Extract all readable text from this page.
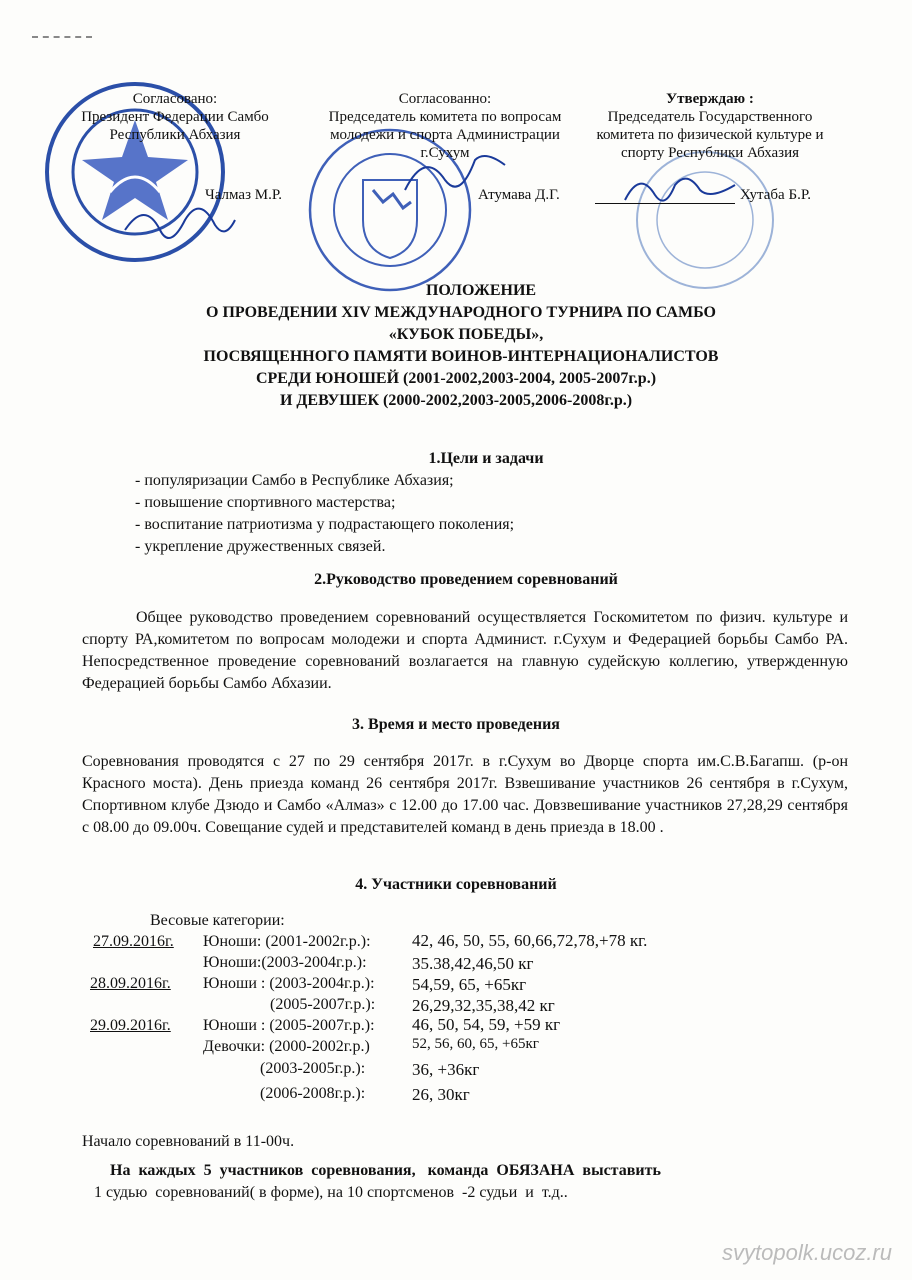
Согласовано:
Президент Федерации Самбо Республики Абхазия
Чалмаз М.Р.
Согласованно:
Председатель комитета по вопросам молодежи и спорта Администрации г.Сухум
Атумава Д.Г.
Утверждаю :
Председатель Государственного комитета по физической культуре и спорту Республики Абхазия
Хутаба Б.Р.
ПОЛОЖЕНИЕ
О ПРОВЕДЕНИИ XIV МЕЖДУНАРОДНОГО ТУРНИРА ПО САМБО
«КУБОК ПОБЕДЫ»,
ПОСВЯЩЕННОГО ПАМЯТИ ВОИНОВ-ИНТЕРНАЦИОНАЛИСТОВ
СРЕДИ ЮНОШЕЙ (2001-2002,2003-2004, 2005-2007г.р.)
И ДЕВУШЕК (2000-2002,2003-2005,2006-2008г.р.)
1.Цели и задачи
- популяризации Самбо в Республике Абхазия;
- повышение спортивного мастерства;
- воспитание патриотизма у подрастающего поколения;
- укрепление дружественных связей.
2.Руководство проведением соревнований

Общее руководство проведением соревнований осуществляется Госкомитетом по физич. культуре и спорту РА,комитетом по вопросам молодежи и спорта Админист. г.Сухум и Федерацией борьбы Самбо РА. Непосредственное проведение соревнований возлагается на главную судейскую коллегию, утвержденную Федерацией борьбы Самбо Абхазии.

3. Время и место проведения

Соревнования проводятся с 27 по 29 сентября 2017г. в г.Сухум во Дворце спорта им.С.В.Багапш. (р-он Красного моста). День приезда команд 26 сентября 2017г. Взвешивание участников 26 сентября в г.Сухум, Спортивном клубе Дзюдо и Самбо «Алмаз» с 12.00 до 17.00 час. Довзвешивание участников 27,28,29 сентября с 08.00 до 09.00ч. Совещание судей и представителей команд в день приезда в 18.00 .

4. Участники соревнований
Весовые категории:
27.09.2016г. Юноши: (2001-2002г.р.): 42, 46, 50, 55, 60,66,72,78,+78 кг.
Юноши:(2003-2004г.р.):	35.38,42,46,50 кг
28.09.2016г. Юноши : (2003-2004г.р.): 54,59, 65, +65кг
(2005-2007г.р.): 26,29,32,35,38,42 кг
29.09.2016г. Юноши : (2005-2007г.р.): 46, 50, 54, 59, +59 кг
Девочки: (2000-2002г.р.)	52, 56, 60, 65, +65кг
(2003-2005г.р.):	36, +36кг
(2006-2008г.р.):	26, 30кг
Начало соревнований в 11-00ч.
На  каждых  5  участников  соревнования,   команда  ОБЯЗАНА  выставить
1 судью  соревнований( в форме), на 10 спортсменов  -2 судьи  и  т.д..
svytopolk.ucoz.ru
